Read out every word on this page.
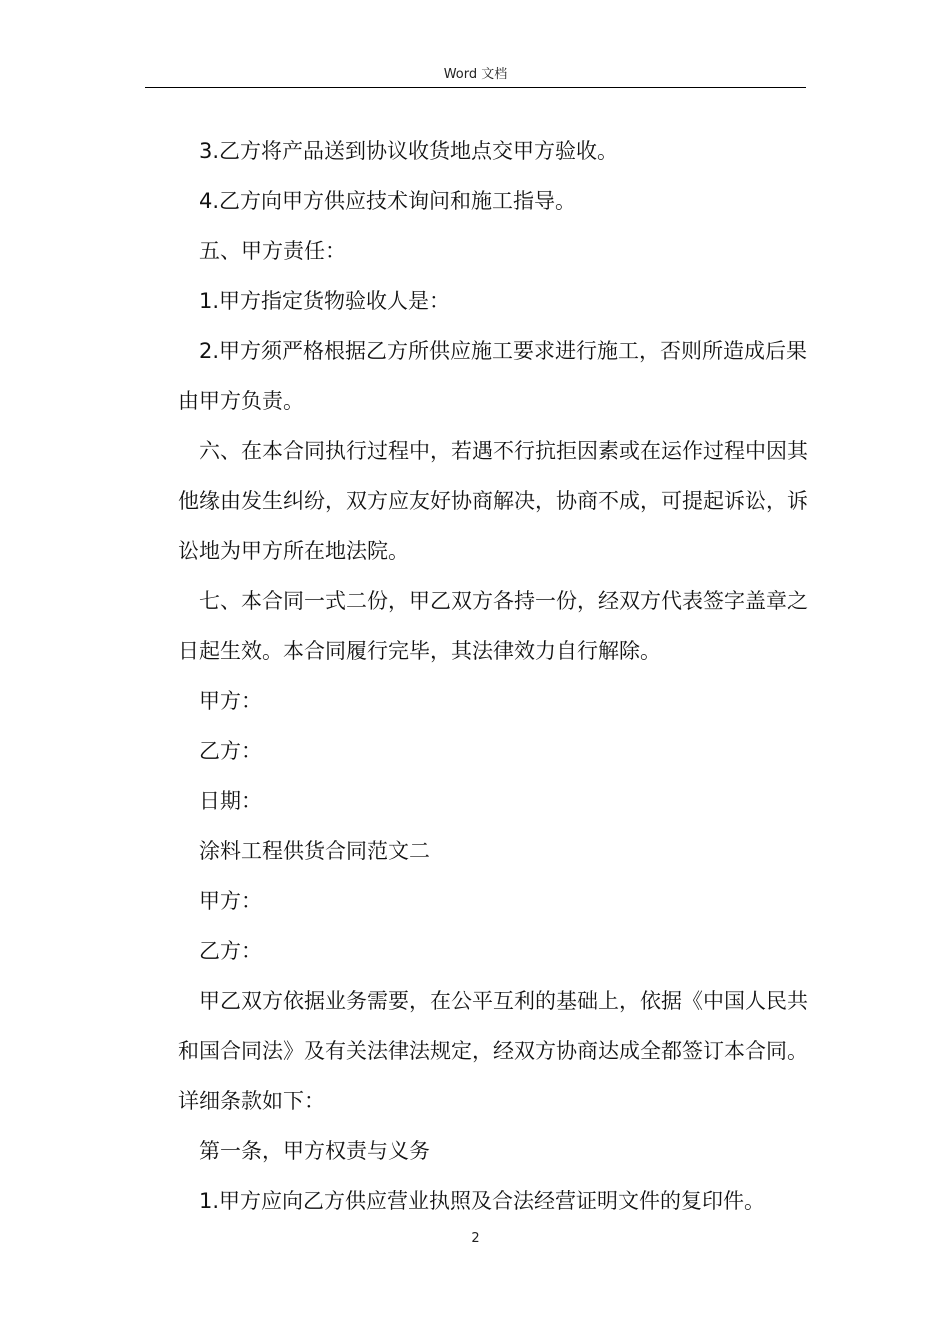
Word 文档

3.乙方将产品送到协议收货地点交甲方验收。

4.乙方向甲方供应技术询问和施工指导。

五、甲方责任：

1.甲方指定货物验收人是：

2.甲方须严格根据乙方所供应施工要求进行施工，否则所造成后果由甲方负责。

六、在本合同执行过程中，若遇不行抗拒因素或在运作过程中因其他缘由发生纠纷，双方应友好协商解决，协商不成，可提起诉讼，诉讼地为甲方所在地法院。

七、本合同一式二份，甲乙双方各持一份，经双方代表签字盖章之日起生效。本合同履行完毕，其法律效力自行解除。

甲方：

乙方：

日期：

涂料工程供货合同范文二

甲方：

乙方：

甲乙双方依据业务需要，在公平互利的基础上，依据《中国人民共和国合同法》及有关法律法规定，经双方协商达成全都签订本合同。详细条款如下：

第一条，甲方权责与义务

1.甲方应向乙方供应营业执照及合法经营证明文件的复印件。

2
